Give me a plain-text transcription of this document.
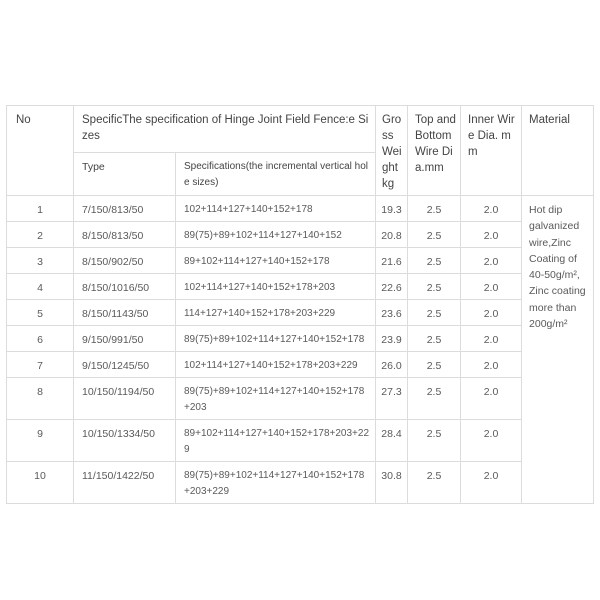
No	SpecificThe specification of Hinge Joint Field Fence:e Sizes		Gross Weight kg	Top and Bottom Wire Dia.mm	Inner Wire Dia. mm	Material
	Type	Specifications(the incremental vertical hole sizes)				
1	7/150/813/50	102+114+127+140+152+178	19.3	2.5	2.0	Hot dip galvanized wire,Zinc Coating of 40-50g/m², Zinc coating more than 200g/m²
2	8/150/813/50	89(75)+89+102+114+127+140+152	20.8	2.5	2.0	
3	8/150/902/50	89+102+114+127+140+152+178	21.6	2.5	2.0	
4	8/150/1016/50	102+114+127+140+152+178+203	22.6	2.5	2.0	
5	8/150/1143/50	114+127+140+152+178+203+229	23.6	2.5	2.0	
6	9/150/991/50	89(75)+89+102+114+127+140+152+178	23.9	2.5	2.0	
7	9/150/1245/50	102+114+127+140+152+178+203+229	26.0	2.5	2.0	
8	10/150/1194/50	89(75)+89+102+114+127+140+152+178+203	27.3	2.5	2.0	
9	10/150/1334/50	89+102+114+127+140+152+178+203+229	28.4	2.5	2.0	
10	11/150/1422/50	89(75)+89+102+114+127+140+152+178+203+229	30.8	2.5	2.0	
